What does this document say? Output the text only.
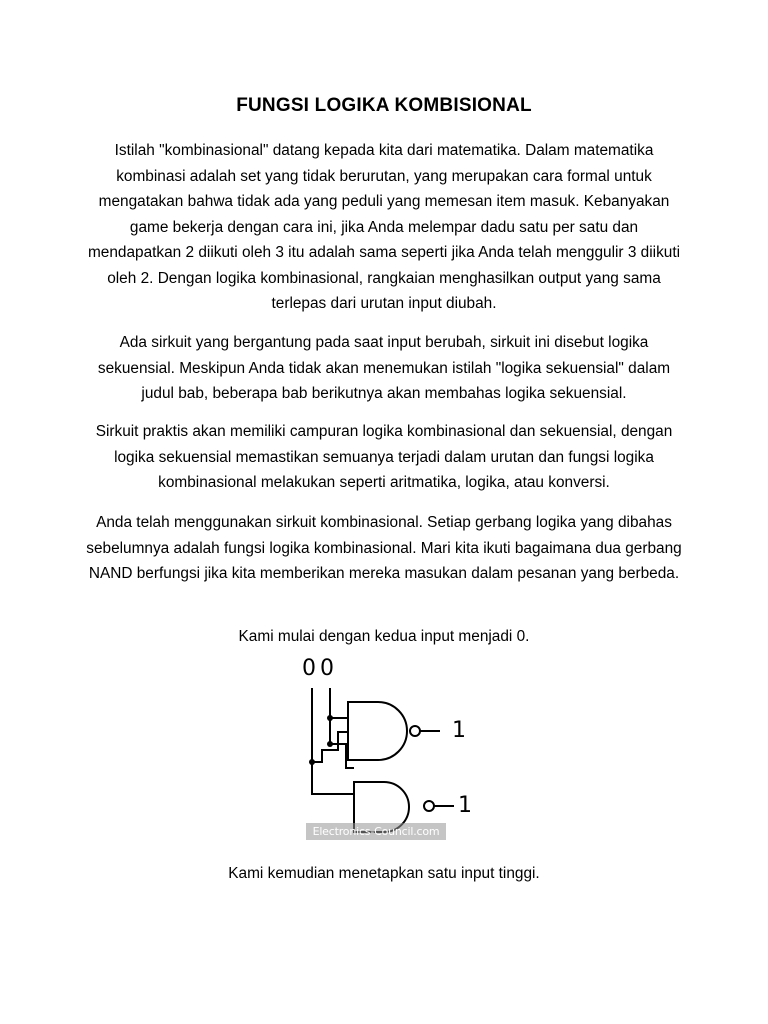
FUNGSI LOGIKA KOMBISIONAL
Istilah "kombinasional" datang kepada kita dari matematika. Dalam matematika kombinasi adalah set yang tidak berurutan, yang merupakan cara formal untuk mengatakan bahwa tidak ada yang peduli yang memesan item masuk. Kebanyakan game bekerja dengan cara ini, jika Anda melempar dadu satu per satu dan mendapatkan 2 diikuti oleh 3 itu adalah sama seperti jika Anda telah menggulir 3 diikuti oleh 2. Dengan logika kombinasional, rangkaian menghasilkan output yang sama terlepas dari urutan input diubah.
Ada sirkuit yang bergantung pada saat input berubah, sirkuit ini disebut logika sekuensial. Meskipun Anda tidak akan menemukan istilah "logika sekuensial" dalam judul bab, beberapa bab berikutnya akan membahas logika sekuensial.
Sirkuit praktis akan memiliki campuran logika kombinasional dan sekuensial, dengan logika sekuensial memastikan semuanya terjadi dalam urutan dan fungsi logika kombinasional melakukan seperti aritmatika, logika, atau konversi.
Anda telah menggunakan sirkuit kombinasional. Setiap gerbang logika yang dibahas sebelumnya adalah fungsi logika kombinasional. Mari kita ikuti bagaimana dua gerbang NAND berfungsi jika kita memberikan mereka masukan dalam pesanan yang berbeda.
Kami mulai dengan kedua input menjadi 0.
0 0
1
1
Electronics-Council.com
Kami kemudian menetapkan satu input tinggi.
